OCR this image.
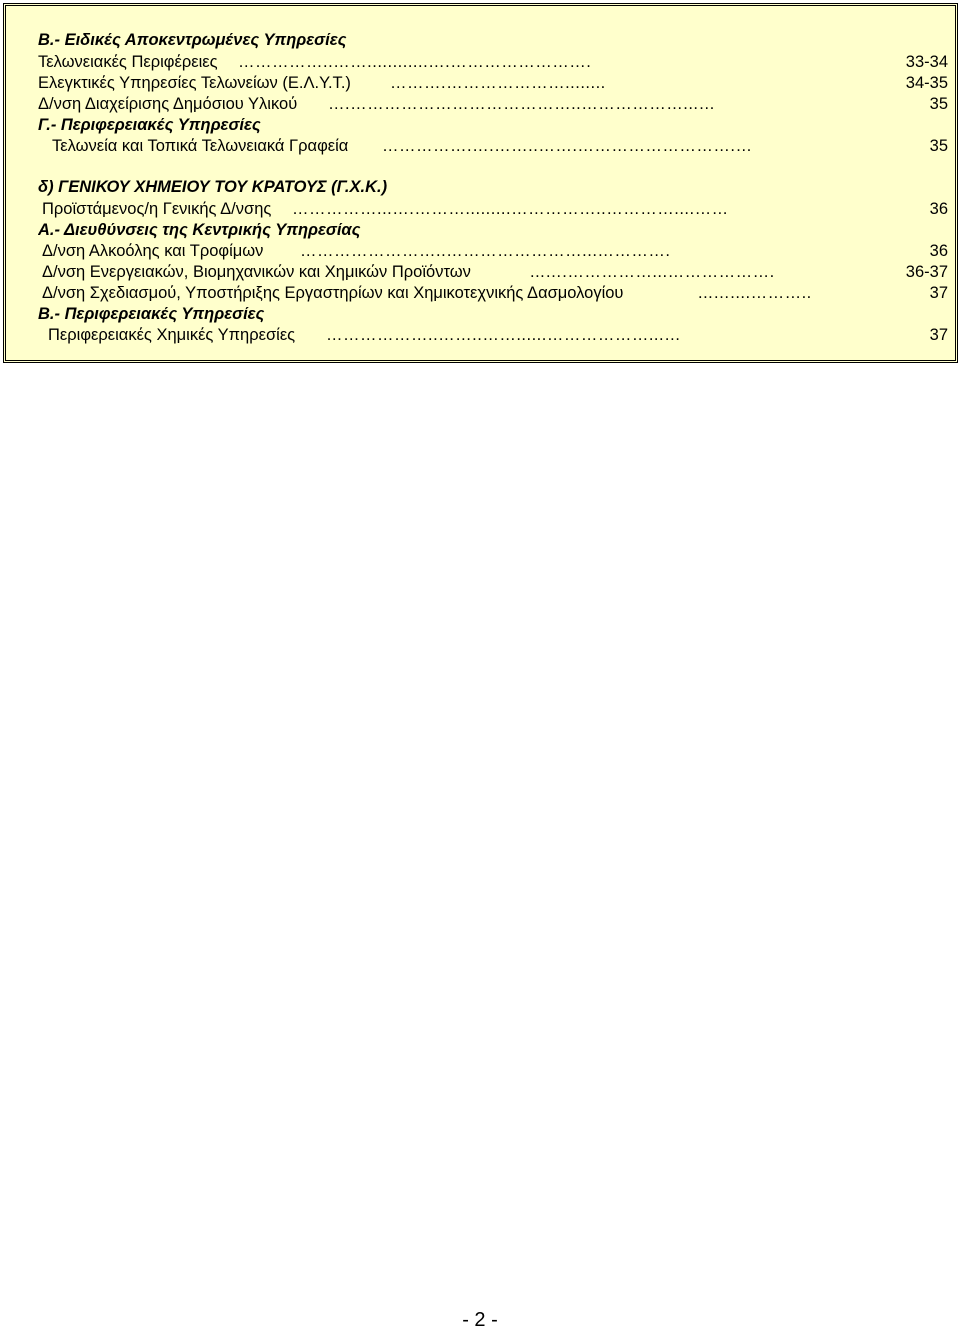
Β.- Ειδικές Αποκεντρωμένες Υπηρεσίες
Τελωνειακές Περιφέρειες ……………..……............….…………………….	33-34
Ελεγκτικές Υπηρεσίες Τελωνείων (Ε.Λ.Υ.Τ.) ……….…………………........	34-35
Δ/νση Διαχείρισης Δημόσιου Υλικού ….…………………………………..………………...…	35
Γ.- Περιφερειακές Υπηρεσίες
Τελωνεία και Τοπικά Τελωνειακά Γραφεία …………….….……..…….……………………….…	35
δ) ΓΕΝΙΚΟΥ ΧΗΜΕΙΟΥ ΤΟΥ ΚΡΑΤΟΥΣ (Γ.Χ.Κ.)
Προϊστάμενος/η Γενικής Δ/νσης ……………...….……….........……………..…………....……	36
Α.- Διευθύνσεις της Κεντρικής Υπηρεσίας
Δ/νση Αλκοόλης και Τροφίμων ……………………..……………………...………….	36
Δ/νση Ενεργειακών, Βιομηχανικών και Χημικών Προϊόντων	...….……………...……………….	36-37
Δ/νση Σχεδιασμού, Υποστήριξης Εργαστηρίων και Χημικοτεχνικής Δασμολογίου	...…....………..	37
Β.- Περιφερειακές Υπηρεσίες
Περιφερειακές Χημικές Υπηρεσίες ………………..……..……......………………...…	37
- 2 -
